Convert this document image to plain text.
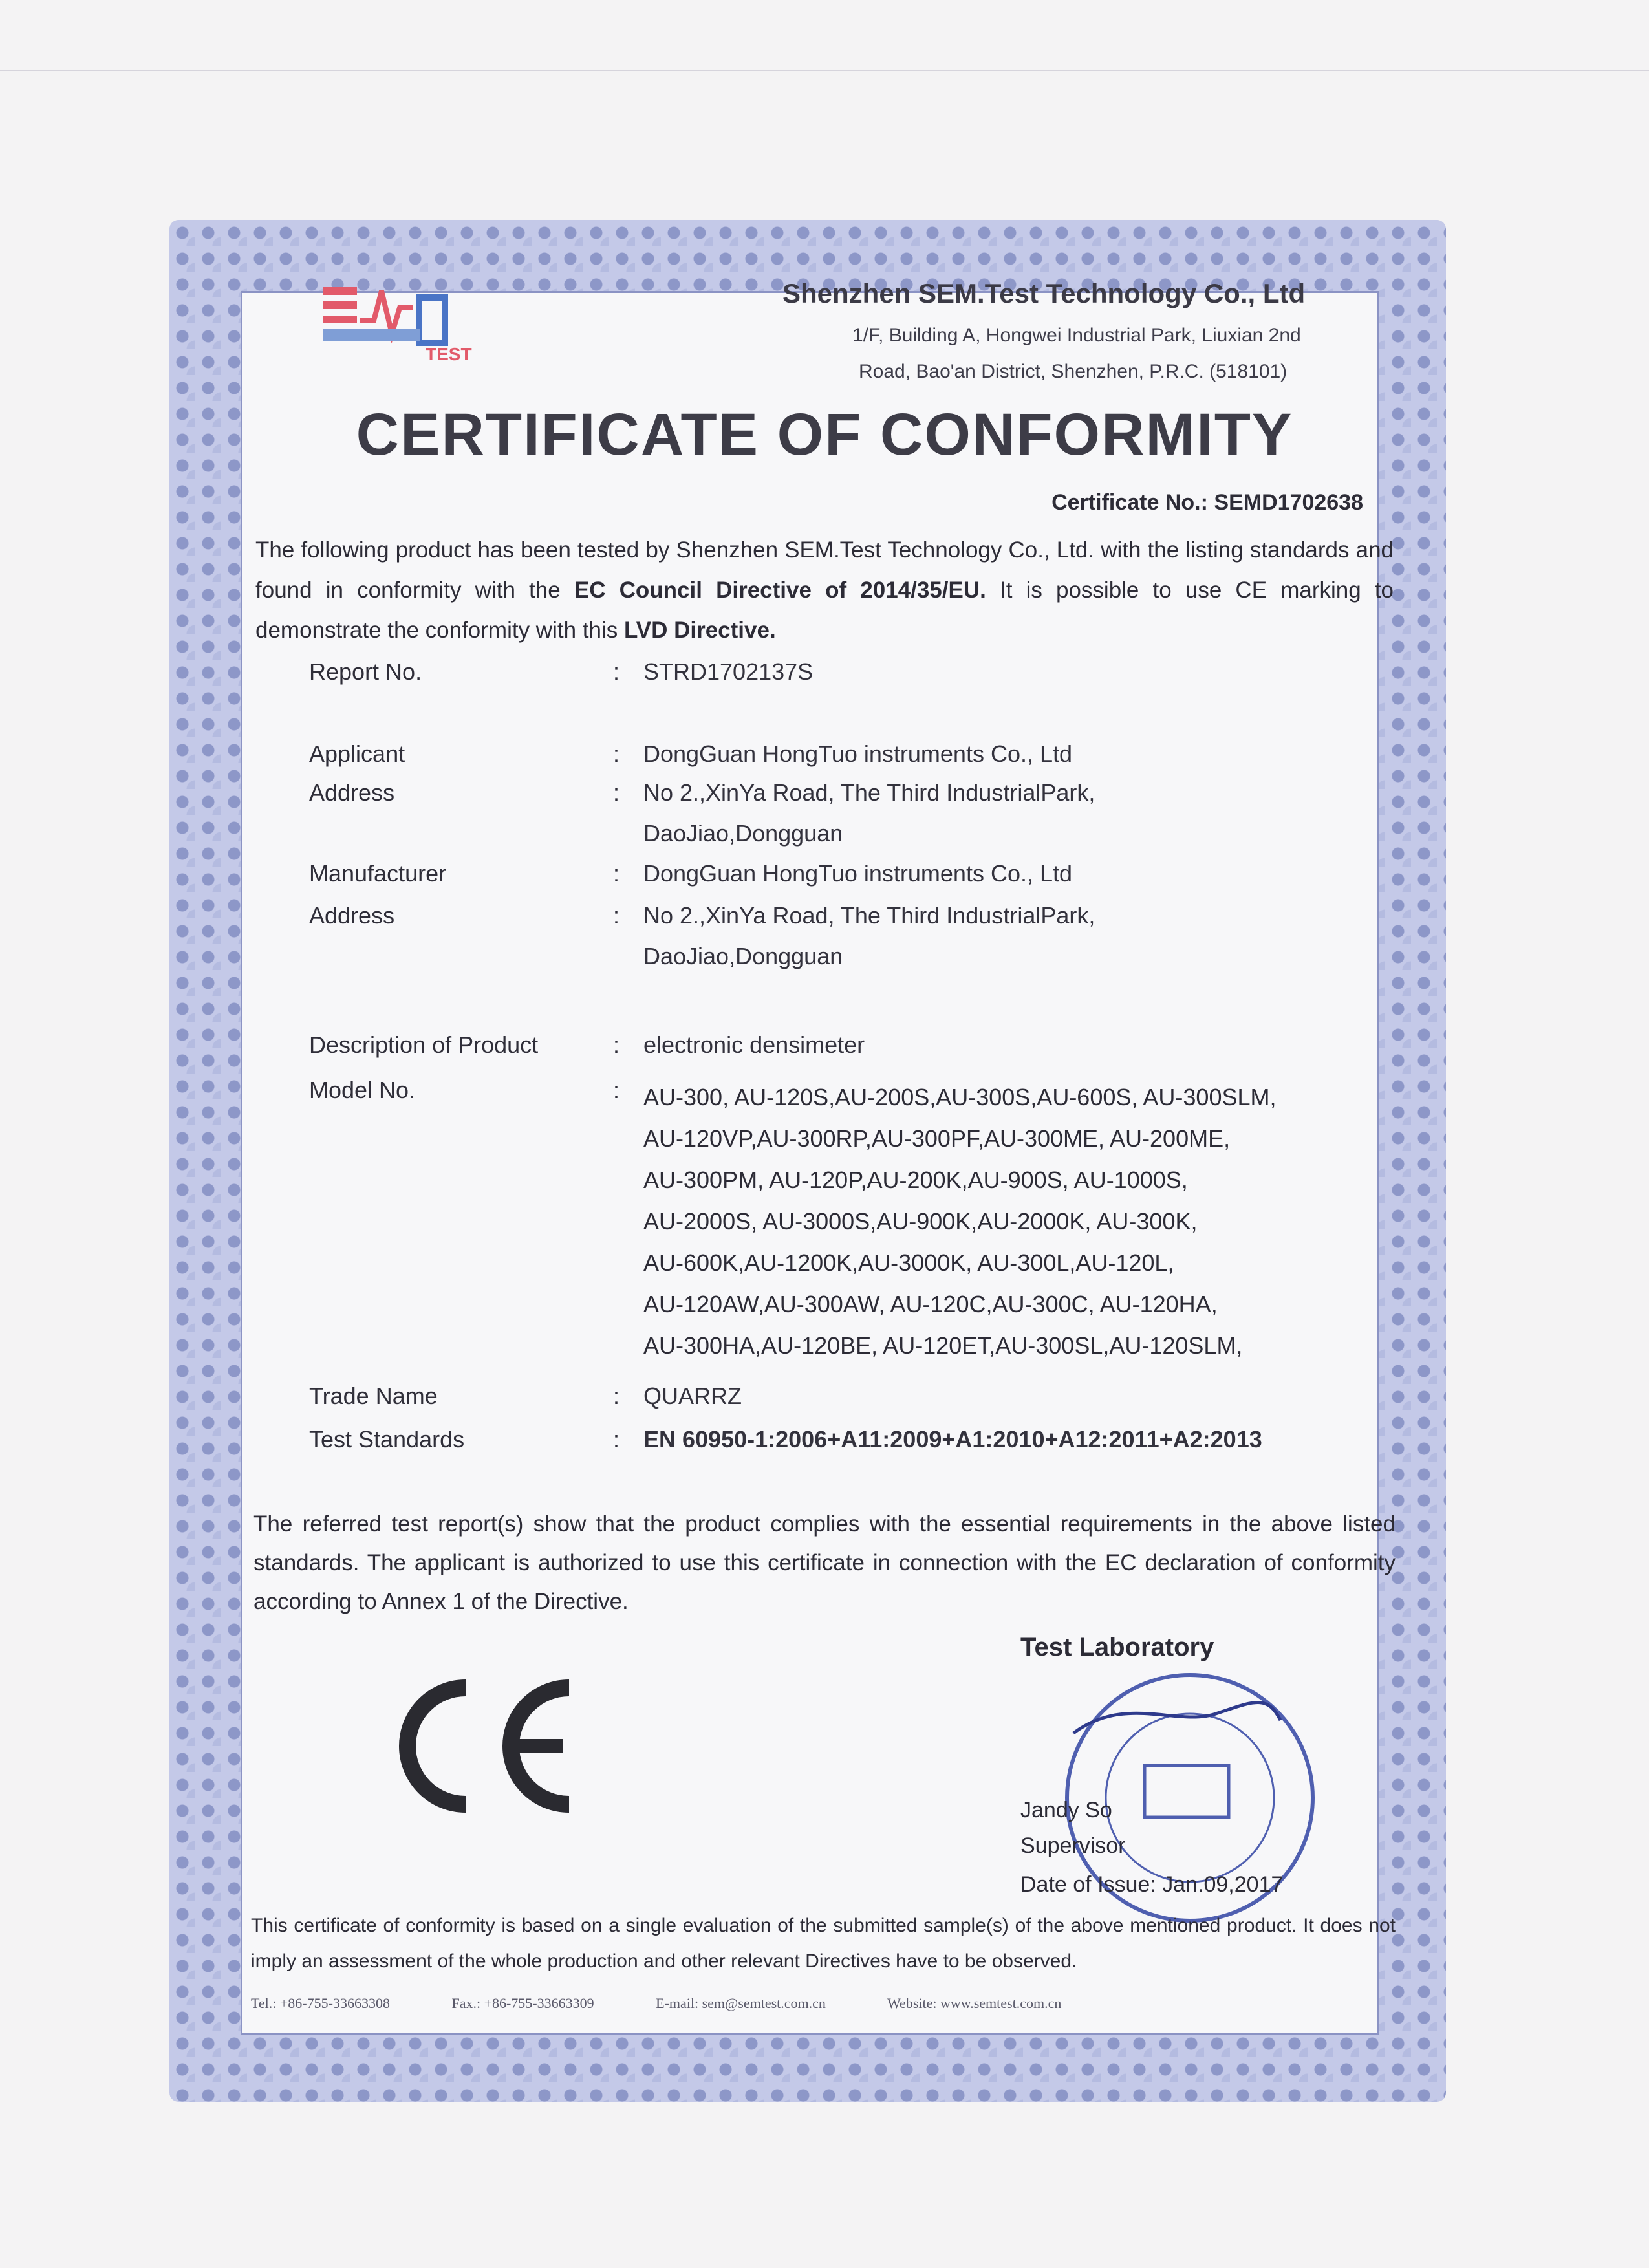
TEST
Shenzhen SEM.Test Technology Co., Ltd
1/F, Building A, Hongwei Industrial Park, Liuxian 2nd
Road, Bao'an District, Shenzhen, P.R.C. (518101)
CERTIFICATE OF CONFORMITY
Certificate No.: SEMD1702638
The following product has been tested by Shenzhen SEM.Test Technology Co., Ltd. with the listing standards and found in conformity with the EC Council Directive of 2014/35/EU. It is possible to use CE marking to demonstrate the conformity with this LVD Directive.
Report No.	: STRD1702137S
Applicant	: DongGuan HongTuo instruments Co., Ltd
Address	: No 2.,XinYa Road, The Third IndustrialPark,
DaoJiao,Dongguan
Manufacturer	: DongGuan HongTuo instruments Co., Ltd
Address	: No 2.,XinYa Road, The Third IndustrialPark,
DaoJiao,Dongguan
Description of Product	: electronic densimeter
Model No.	: AU-300, AU-120S,AU-200S,AU-300S,AU-600S, AU-300SLM,
AU-120VP,AU-300RP,AU-300PF,AU-300ME, AU-200ME,
AU-300PM, AU-120P,AU-200K,AU-900S, AU-1000S,
AU-2000S, AU-3000S,AU-900K,AU-2000K, AU-300K,
AU-600K,AU-1200K,AU-3000K, AU-300L,AU-120L,
AU-120AW,AU-300AW, AU-120C,AU-300C, AU-120HA,
AU-300HA,AU-120BE, AU-120ET,AU-300SL,AU-120SLM,
Trade Name	: QUARRZ
Test Standards	: EN 60950-1:2006+A11:2009+A1:2010+A12:2011+A2:2013
The referred test report(s) show that the product complies with the essential requirements in the above listed standards. The applicant is authorized to use this certificate in connection with the EC declaration of conformity according to Annex 1 of the Directive.
Test Laboratory
Jandy So
Supervisor
Date of Issue: Jan.09,2017
This certificate of conformity is based on a single evaluation of the submitted sample(s) of the above mentioned product. It does not imply an assessment of the whole production and other relevant Directives have to be observed.
Tel.: +86-755-33663308	Fax.: +86-755-33663309	E-mail: sem@semtest.com.cn	Website: www.semtest.com.cn
